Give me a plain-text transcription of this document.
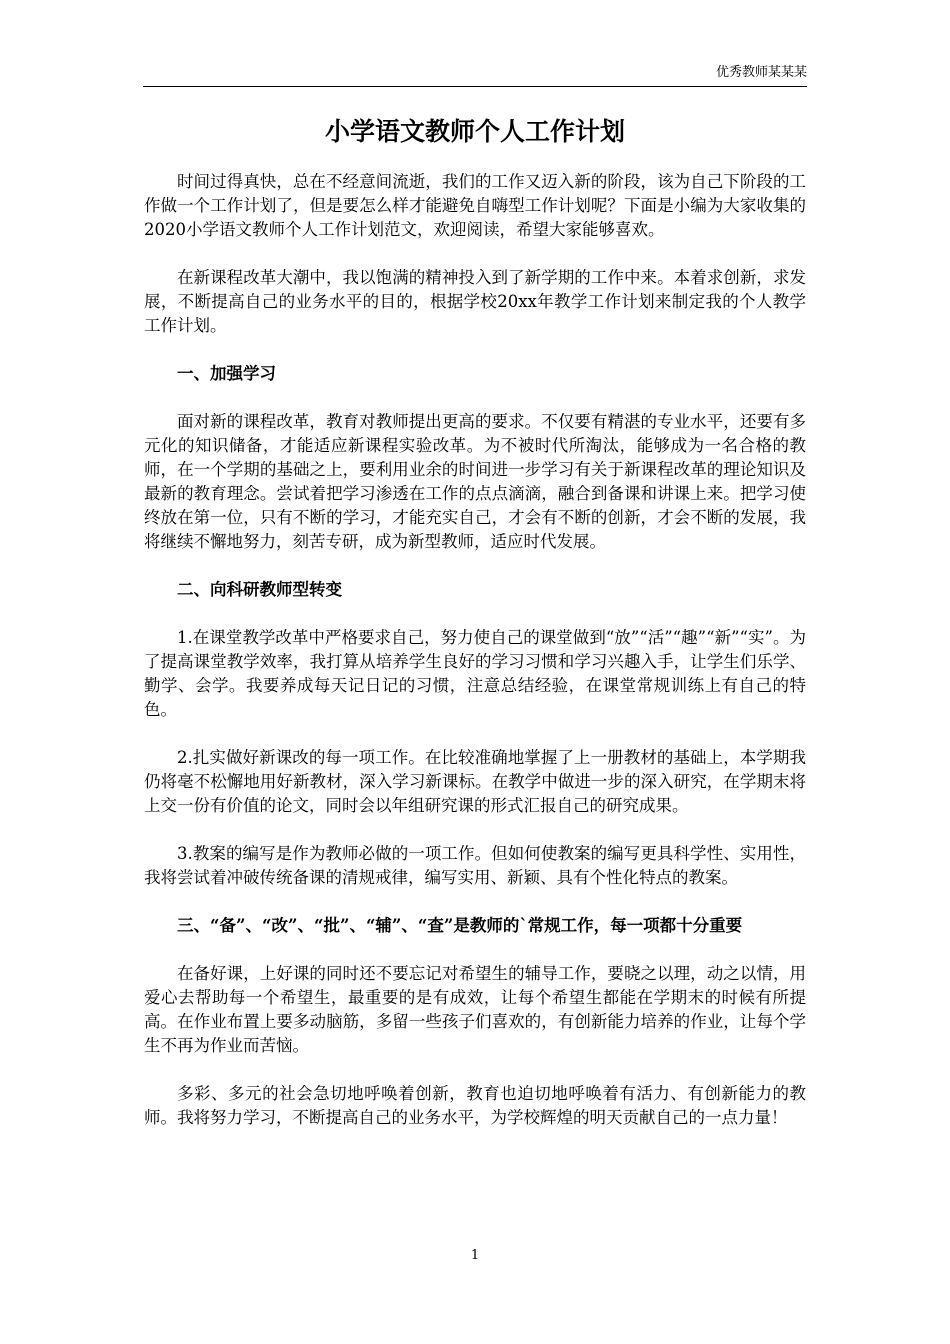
优秀教师某某某
小学语文教师个人工作计划

时间过得真快，总在不经意间流逝，我们的工作又迈入新的阶段，该为自己下阶段的工作做一个工作计划了，但是要怎么样才能避免自嗨型工作计划呢？下面是小编为大家收集的2020小学语文教师个人工作计划范文，欢迎阅读，希望大家能够喜欢。

在新课程改革大潮中，我以饱满的精神投入到了新学期的工作中来。本着求创新，求发展，不断提高自己的业务水平的目的，根据学校20xx年教学工作计划来制定我的个人教学工作计划。

一、加强学习

面对新的课程改革，教育对教师提出更高的要求。不仅要有精湛的专业水平，还要有多元化的知识储备，才能适应新课程实验改革。为不被时代所淘汰，能够成为一名合格的教师，在一个学期的基础之上，要利用业余的时间进一步学习有关于新课程改革的理论知识及最新的教育理念。尝试着把学习渗透在工作的点点滴滴，融合到备课和讲课上来。把学习使终放在第一位，只有不断的学习，才能充实自己，才会有不断的创新，才会不断的发展，我将继续不懈地努力，刻苦专研，成为新型教师，适应时代发展。

二、向科研教师型转变

1.在课堂教学改革中严格要求自己，努力使自己的课堂做到“放”“活”“趣”“新”“实”。为了提高课堂教学效率，我打算从培养学生良好的学习习惯和学习兴趣入手，让学生们乐学、勤学、会学。我要养成每天记日记的习惯，注意总结经验，在课堂常规训练上有自己的特色。

2.扎实做好新课改的每一项工作。在比较准确地掌握了上一册教材的基础上，本学期我仍将毫不松懈地用好新教材，深入学习新课标。在教学中做进一步的深入研究，在学期末将上交一份有价值的论文，同时会以年组研究课的形式汇报自己的研究成果。

3.教案的编写是作为教师必做的一项工作。但如何使教案的编写更具科学性、实用性，我将尝试着冲破传统备课的清规戒律，编写实用、新颖、具有个性化特点的教案。

三、“备”、“改”、“批”、“辅”、“查”是教师的`常规工作，每一项都十分重要

在备好课，上好课的同时还不要忘记对希望生的辅导工作，要晓之以理，动之以情，用爱心去帮助每一个希望生，最重要的是有成效，让每个希望生都能在学期末的时候有所提高。在作业布置上要多动脑筋，多留一些孩子们喜欢的，有创新能力培养的作业，让每个学生不再为作业而苦恼。

多彩、多元的社会急切地呼唤着创新，教育也迫切地呼唤着有活力、有创新能力的教师。我将努力学习，不断提高自己的业务水平，为学校辉煌的明天贡献自己的一点力量！

1
